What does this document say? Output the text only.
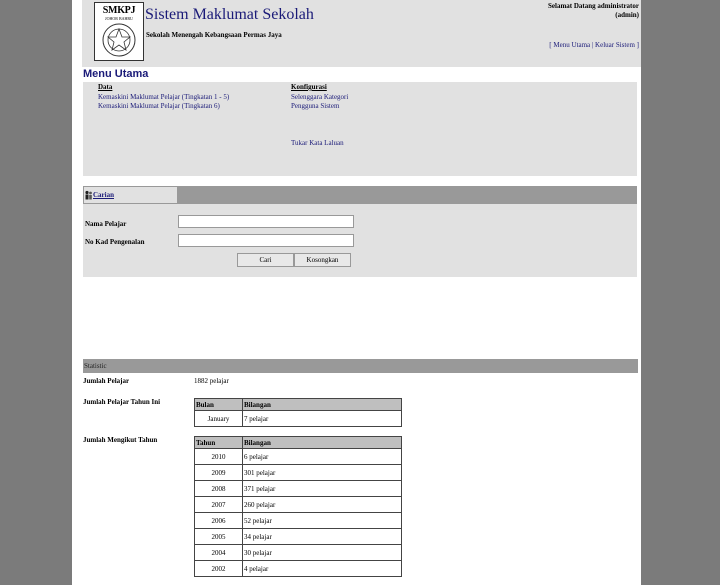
SMKPJ
JOHOR BAHRU Sistem Maklumat Sekolah
Sekolah Menengah Kebangsaan Permas Jaya
Selamat Datang administrator
(admin)
[ Menu Utama | Keluar Sistem ]
Menu Utama
Data
Kemaskini Maklumat Pelajar (Tingkatan 1 - 5)
Kemaskini Maklumat Pelajar (Tingkatan 6)
Konfigurasi
Selenggara Kategori
Pengguna Sistem
Tukar Kata Laluan
Carian
Nama Pelajar
No Kad Pengenalan
Cari	Kosongkan
Statistic
Jumlah Pelajar	1882 pelajar
Jumlah Pelajar Tahun Ini	Bulan	Bilangan
January	7 pelajar
Jumlah Mengikut Tahun	Tahun	Bilangan
2010	6 pelajar
2009	301 pelajar
2008	371 pelajar
2007	260 pelajar
2006	52 pelajar
2005	34 pelajar
2004	30 pelajar
2002	4 pelajar
